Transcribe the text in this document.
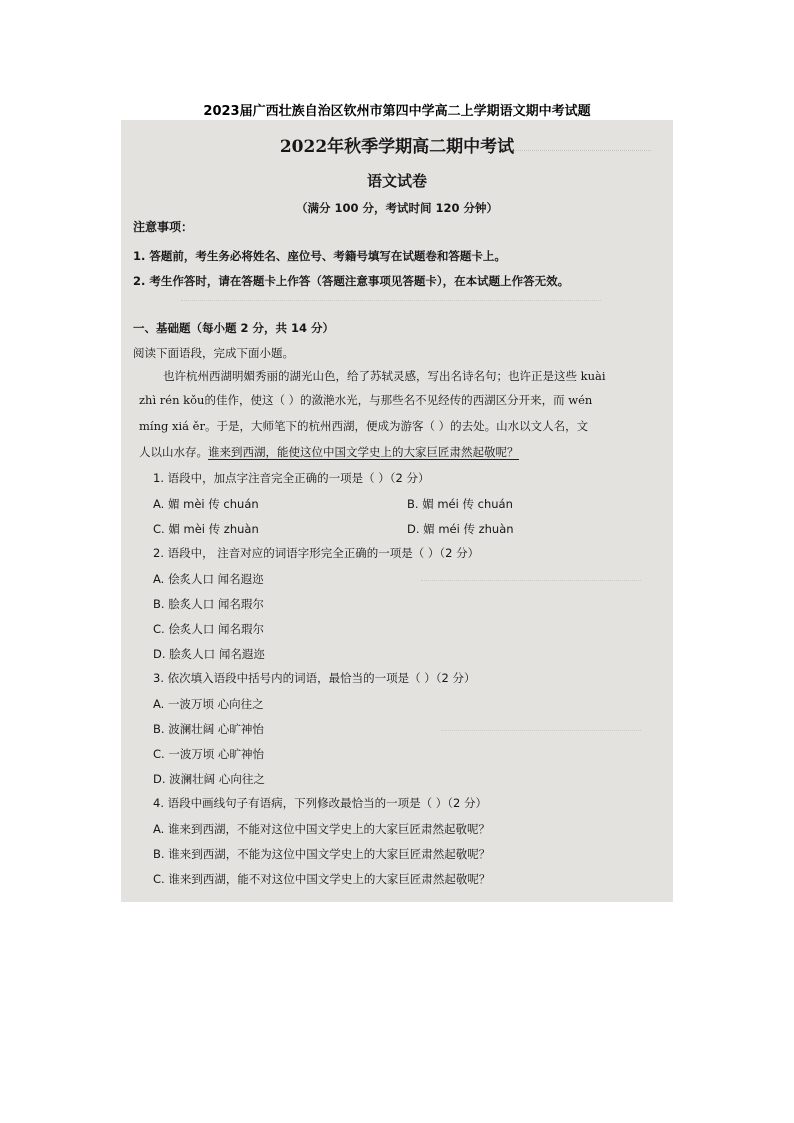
2023届广西壮族自治区钦州市第四中学高二上学期语文期中考试题
2022年秋季学期高二期中考试
语文试卷
（满分 100 分，考试时间 120 分钟）
注意事项：
1. 答题前，考生务必将姓名、座位号、考籍号填写在试题卷和答题卡上。
2. 考生作答时，请在答题卡上作答（答题注意事项见答题卡），在本试题上作答无效。
一、基础题（每小题 2 分，共 14 分）
阅读下面语段，完成下面小题。
也许杭州西湖明媚秀丽的湖光山色，给了苏轼灵感，写出名诗名句；也许正是这些 kuài
zhì rén kǒu的佳作，使这（ ）的潋滟水光，与那些名不见经传的西湖区分开来，而 wén
míng xiá ěr。于是，大师笔下的杭州西湖，便成为游客（ ）的去处。山水以文人名，文
人以山水存。谁来到西湖，能使这位中国文学史上的大家巨匠肃然起敬呢？
1. 语段中，加点字注音完全正确的一项是（ ）（2 分）
A. 媚 mèi 传 chuán	B. 媚 méi 传 chuán
C. 媚 mèi 传 zhuàn	D. 媚 méi 传 zhuàn
2. 语段中， 注音对应的词语字形完全正确的一项是（ ）（2 分）
A. 侩炙人口 闻名遐迩
B. 脍炙人口 闻名瑕尔
C. 侩炙人口 闻名瑕尔
D. 脍炙人口 闻名遐迩
3. 依次填入语段中括号内的词语，最恰当的一项是（ ）（2 分）
A. 一波万顷 心向往之
B. 波澜壮阔 心旷神怡
C. 一波万顷 心旷神怡
D. 波澜壮阔 心向往之
4. 语段中画线句子有语病，下列修改最恰当的一项是（ ）（2 分）
A. 谁来到西湖，不能对这位中国文学史上的大家巨匠肃然起敬呢？
B. 谁来到西湖，不能为这位中国文学史上的大家巨匠肃然起敬呢？
C. 谁来到西湖，能不对这位中国文学史上的大家巨匠肃然起敬呢？
